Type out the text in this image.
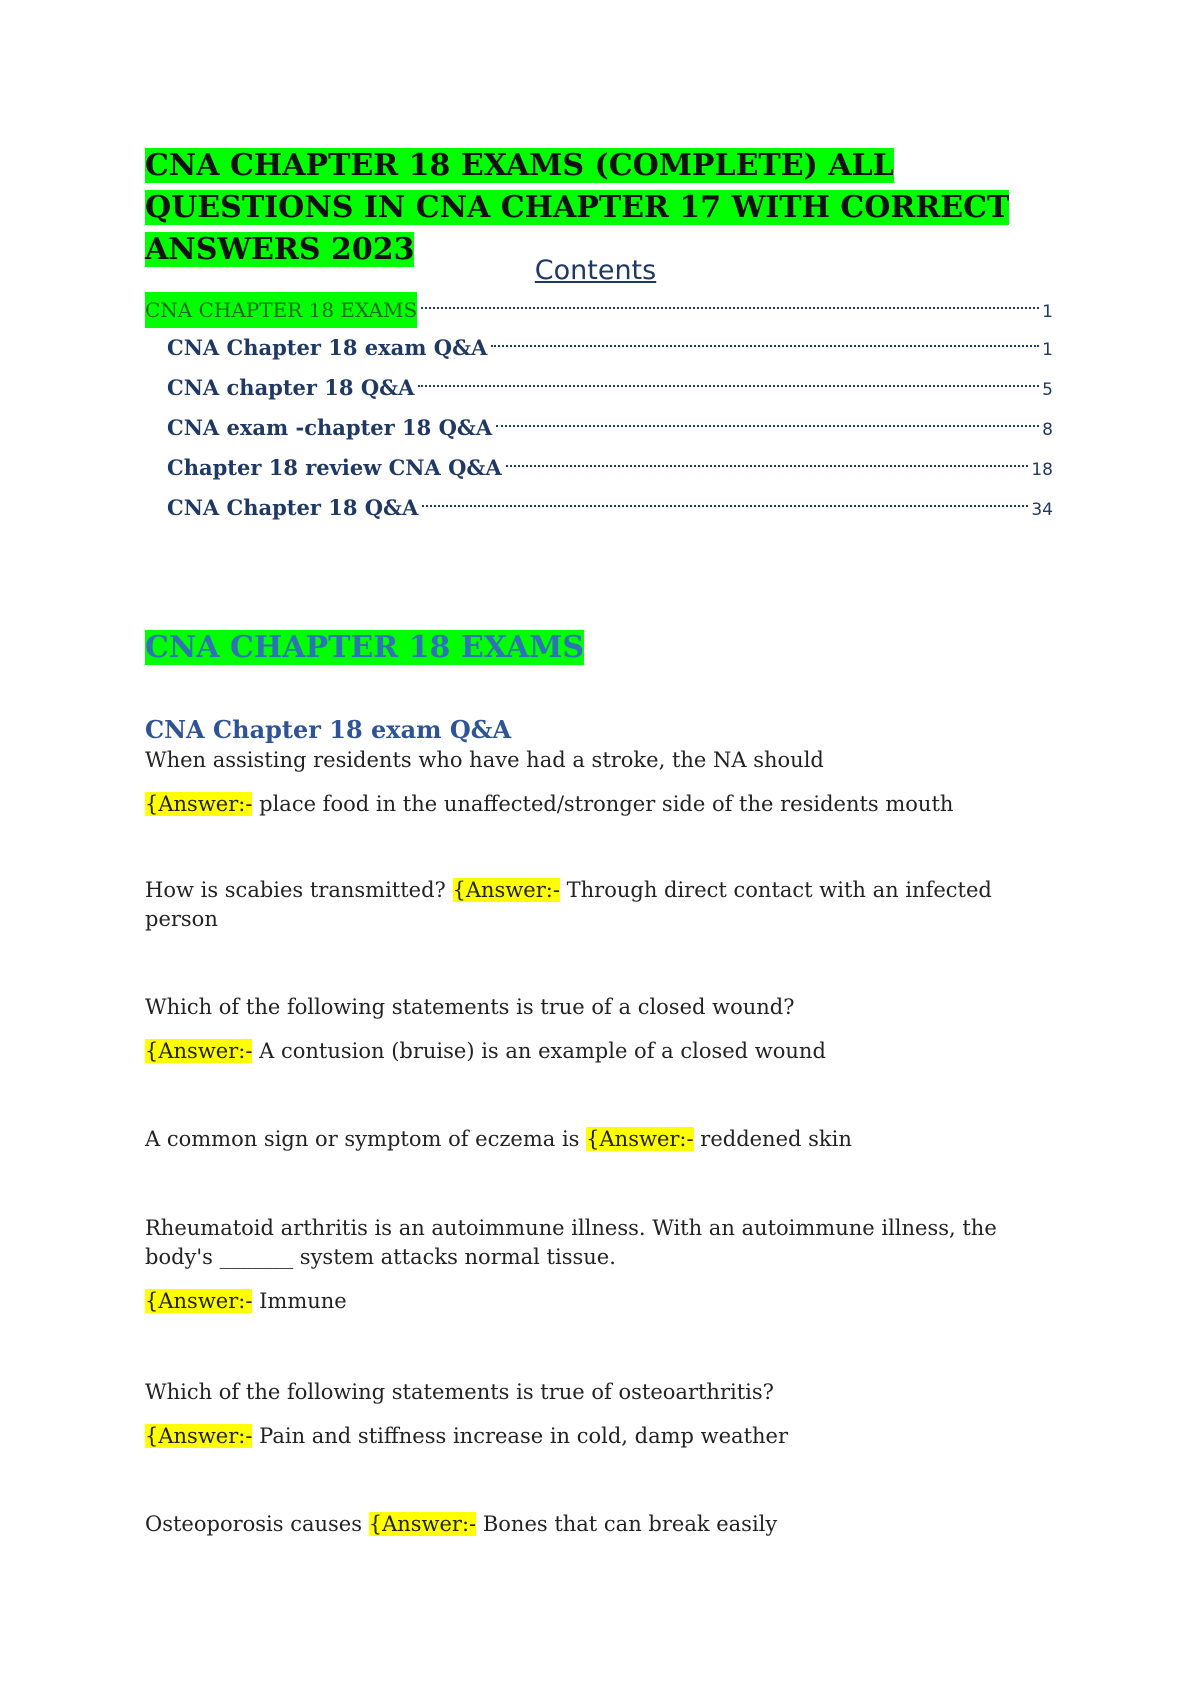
CNA CHAPTER 18 EXAMS (COMPLETE) ALL QUESTIONS IN CNA CHAPTER 17 WITH CORRECT ANSWERS 2023
Contents
CNA CHAPTER 18 EXAMS	1
CNA Chapter 18 exam Q&A	1
CNA chapter 18 Q&A	5
CNA exam -chapter 18 Q&A	8
Chapter 18 review CNA Q&A	18
CNA Chapter 18 Q&A	34
CNA CHAPTER 18 EXAMS
CNA Chapter 18 exam Q&A

When assisting residents who have had a stroke, the NA should

{Answer:- place food in the unaffected/stronger side of the residents mouth

How is scabies transmitted? {Answer:- Through direct contact with an infected person

Which of the following statements is true of a closed wound?

{Answer:- A contusion (bruise) is an example of a closed wound

A common sign or symptom of eczema is {Answer:- reddened skin

Rheumatoid arthritis is an autoimmune illness. With an autoimmune illness, the body's _______ system attacks normal tissue.

{Answer:- Immune

Which of the following statements is true of osteoarthritis?

{Answer:- Pain and stiffness increase in cold, damp weather

Osteoporosis causes {Answer:- Bones that can break easily
